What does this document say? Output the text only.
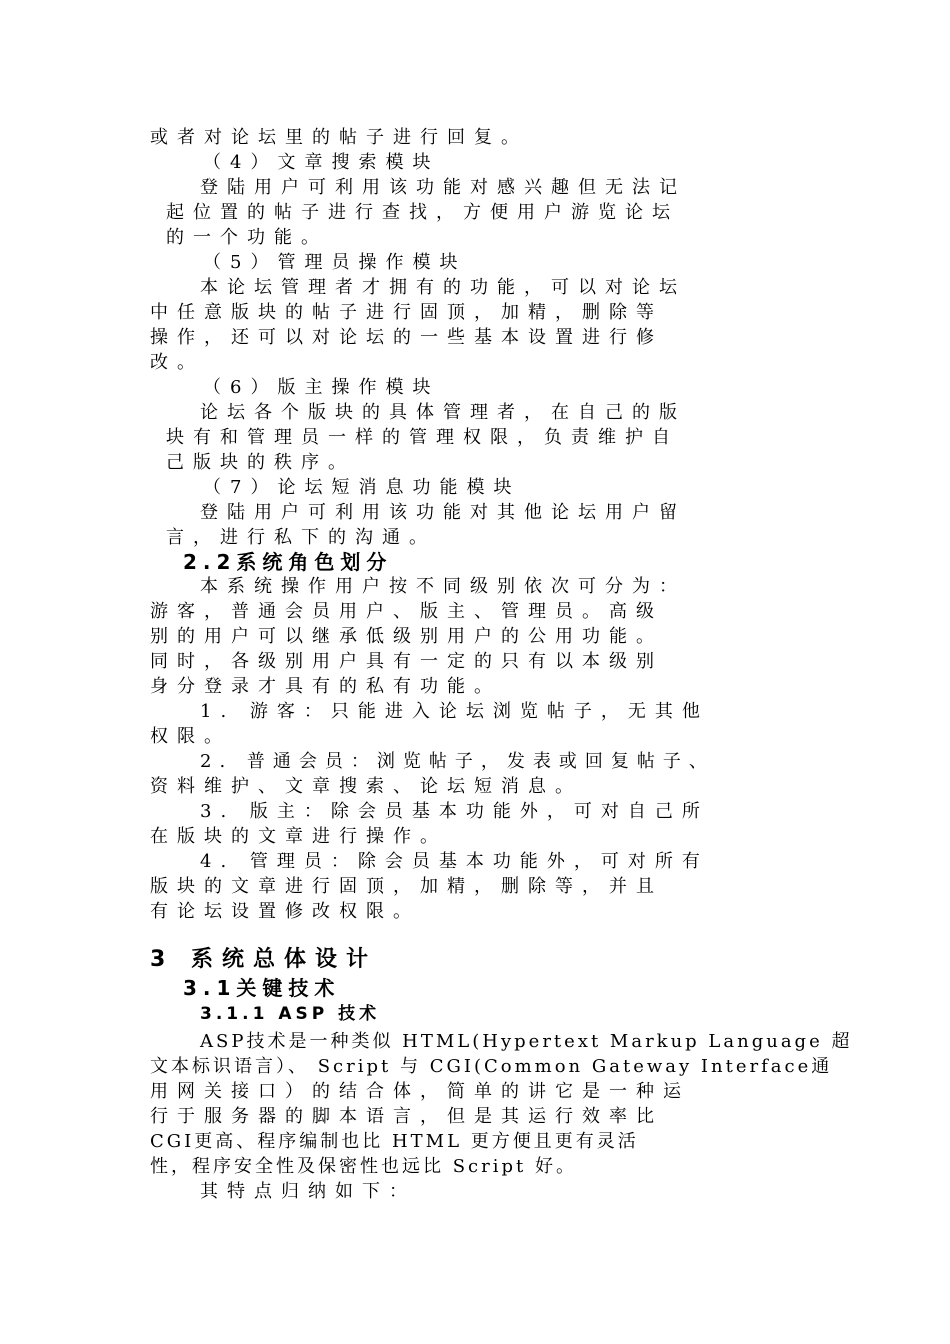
或者对论坛里的帖子进行回复。
（4）文章搜索模块
登陆用户可利用该功能对感兴趣但无法记
起位置的帖子进行查找，方便用户游览论坛
的一个功能。
（5）管理员操作模块
本论坛管理者才拥有的功能，可以对论坛
中任意版块的帖子进行固顶，加精，删除等
操作，还可以对论坛的一些基本设置进行修
改。
（6）版主操作模块
论坛各个版块的具体管理者，在自己的版
块有和管理员一样的管理权限，负责维护自
己版块的秩序。
（7）论坛短消息功能模块
登陆用户可利用该功能对其他论坛用户留
言，进行私下的沟通。
2.2系统角色划分
本系统操作用户按不同级别依次可分为：
游客，普通会员用户、版主、管理员。高级
别的用户可以继承低级别用户的公用功能。
同时，各级别用户具有一定的只有以本级别
身分登录才具有的私有功能。
1. 游客：只能进入论坛浏览帖子，无其他
权限。
2. 普通会员：浏览帖子，发表或回复帖子、
资料维护、文章搜索、论坛短消息。
3. 版主：除会员基本功能外，可对自己所
在版块的文章进行操作。
4. 管理员：除会员基本功能外，可对所有
版块的文章进行固顶，加精，删除等，并且
有论坛设置修改权限。
3 系统总体设计
3.1关键技术
3.1.1 ASP 技术
ASP技术是一种类似 HTML(Hypertext Markup Language 超
文本标识语言）、 Script 与 CGI(Common Gateway Interface通
用网关接口）的结合体，简单的讲它是一种运
行于服务器的脚本语言，但是其运行效率比
CGI更高、程序编制也比 HTML 更方便且更有灵活
性，程序安全性及保密性也远比 Script 好。
其特点归纳如下：
